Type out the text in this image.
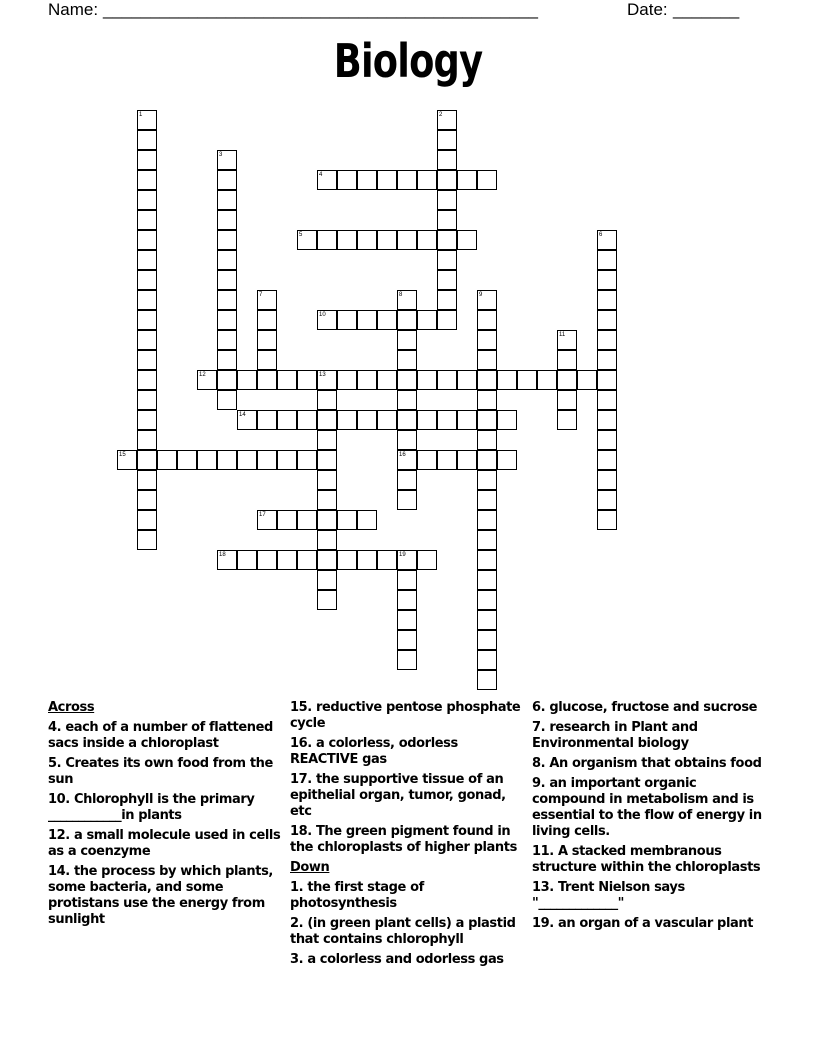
Name: ______________________________________________	Date: _______
Biology
1	2
3
4
5	6
7	8
16
9
10
11
12	13
14
15
17
18	19
Across
4. each of a number of flattened sacs inside a chloroplast
5. Creates its own food from the sun
10. Chlorophyll is the primary ____________in plants
12. a small molecule used in cells as a coenzyme
14. the process by which plants, some bacteria, and some protistans use the energy from sunlight
15. reductive pentose phosphate cycle
16. a colorless, odorless REACTIVE gas
17. the supportive tissue of an epithelial organ, tumor, gonad, etc
18. The green pigment found in the chloroplasts of higher plants
Down
1. the first stage of photosynthesis
2. (in green plant cells) a plastid that contains chlorophyll
3. a colorless and odorless gas
6. glucose, fructose and sucrose
7. research in Plant and Environmental biology
8. An organism that obtains food
9. an important organic compound in metabolism and is essential to the flow of energy in living cells.
11. A stacked membranous structure within the chloroplasts
13. Trent Nielson says "_____________"
19. an organ of a vascular plant
